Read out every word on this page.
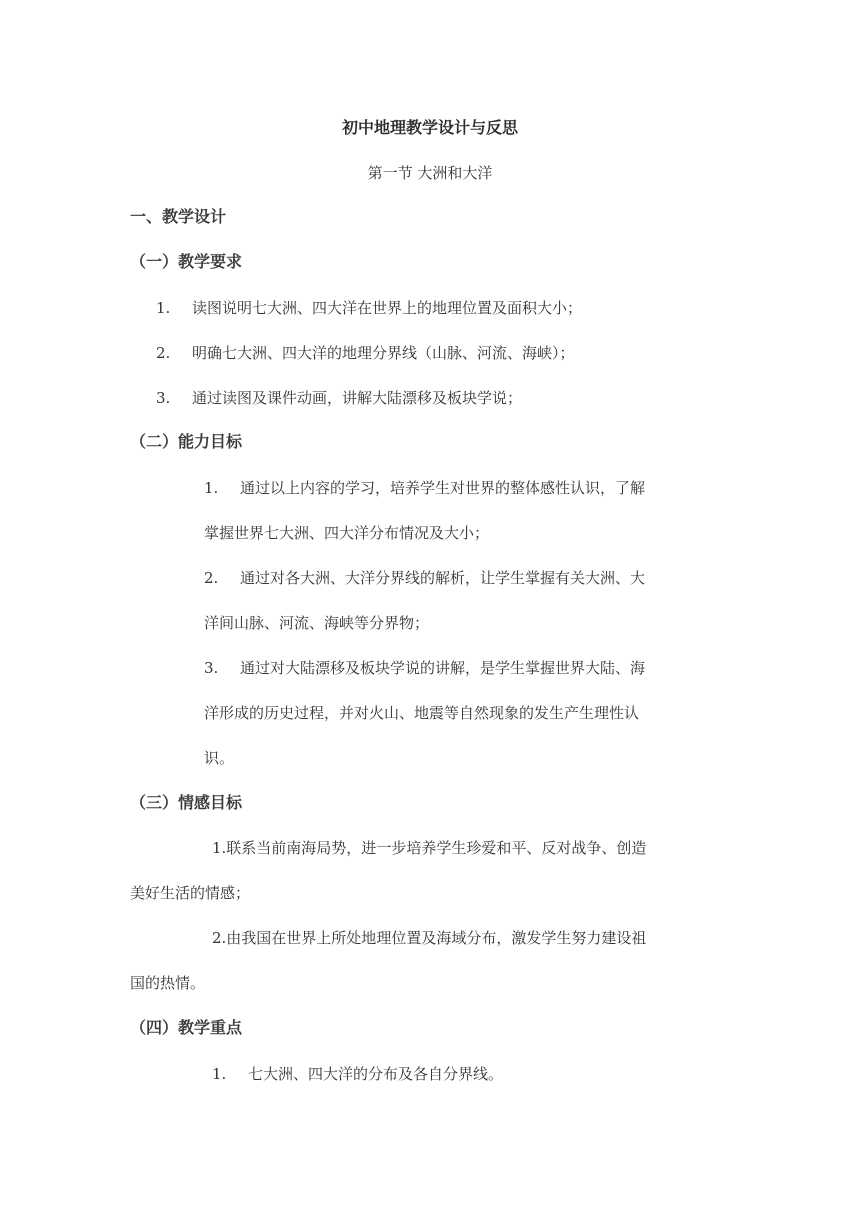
初中地理教学设计与反思
第一节 大洲和大洋
一、教学设计
（一）教学要求
1. 读图说明七大洲、四大洋在世界上的地理位置及面积大小；
2. 明确七大洲、四大洋的地理分界线（山脉、河流、海峡）；
3. 通过读图及课件动画，讲解大陆漂移及板块学说；
（二）能力目标
1. 通过以上内容的学习，培养学生对世界的整体感性认识，了解
掌握世界七大洲、四大洋分布情况及大小；
2. 通过对各大洲、大洋分界线的解析，让学生掌握有关大洲、大
洋间山脉、河流、海峡等分界物；
3. 通过对大陆漂移及板块学说的讲解，是学生掌握世界大陆、海
洋形成的历史过程，并对火山、地震等自然现象的发生产生理性认
识。
（三）情感目标
1.联系当前南海局势，进一步培养学生珍爱和平、反对战争、创造
美好生活的情感；
2.由我国在世界上所处地理位置及海域分布，激发学生努力建设祖
国的热情。
（四）教学重点
1. 七大洲、四大洋的分布及各自分界线。
